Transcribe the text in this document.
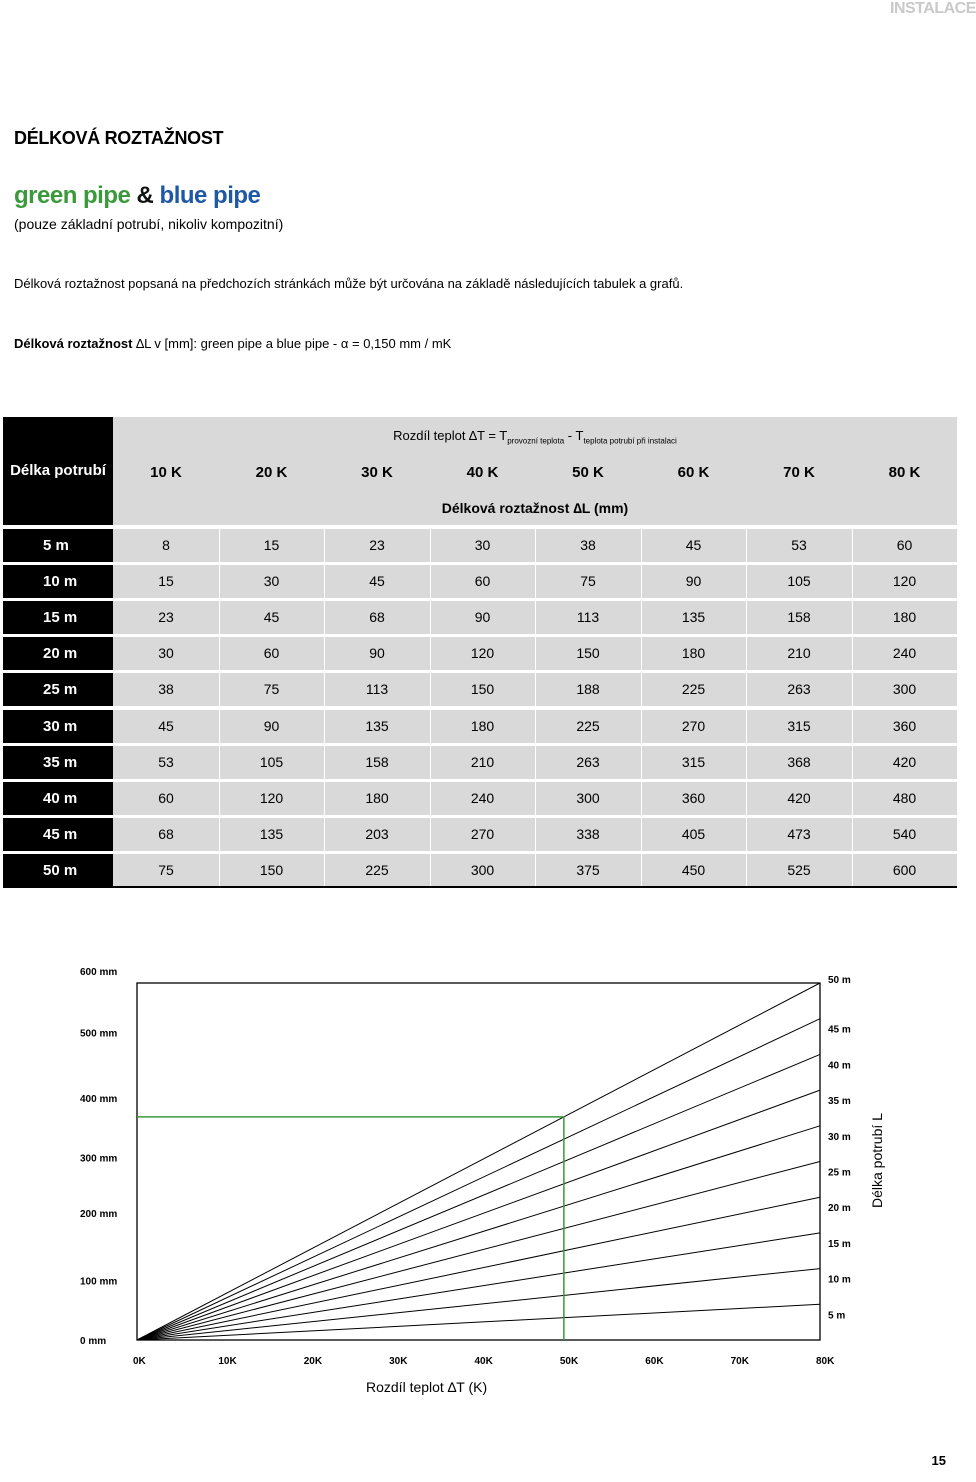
INSTALACE
DÉLKOVÁ ROZTAŽNOST
green pipe & blue pipe
(pouze základní potrubí, nikoliv kompozitní)
Délková roztažnost popsaná na předchozích stránkách může být určována na základě následujících tabulek a grafů.
Délková roztažnost ∆L v [mm]: green pipe a blue pipe - α = 0,150 mm / mK
Délka potrubí
Rozdíl teplot $\Delta T = T_{provozní teplota} - T_{teplota potrubí při instalaci}$
10 K	20 K	30 K	40 K	50 K	60 K	70 K	80 K
Délková roztažnost ∆L (mm)
5 m	8	15	23	30	38	45	53	60
10 m	15	30	45	60	75	90	105	120
15 m	23	45	68	90	113	135	158	180
20 m	30	60	90	120	150	180	210	240
25 m	38	75	113	150	188	225	263	300
30 m	45	90	135	180	225	270	315	360
35 m	53	105	158	210	263	315	368	420
40 m	60	120	180	240	300	360	420	480
45 m	68	135	203	270	338	405	473	540
50 m	75	150	225	300	375	450	525	600
0 mm
100 mm
200 mm
300 mm
400 mm
500 mm
600 mm
0K	10K	20K	30K	40K	50K	60K	70K	80K
5 m
10 m
15 m
20 m
25 m
30 m
35 m
40 m
45 m
50 m
Rozdíl teplot ∆T (K)
Délka potrubí L
15
